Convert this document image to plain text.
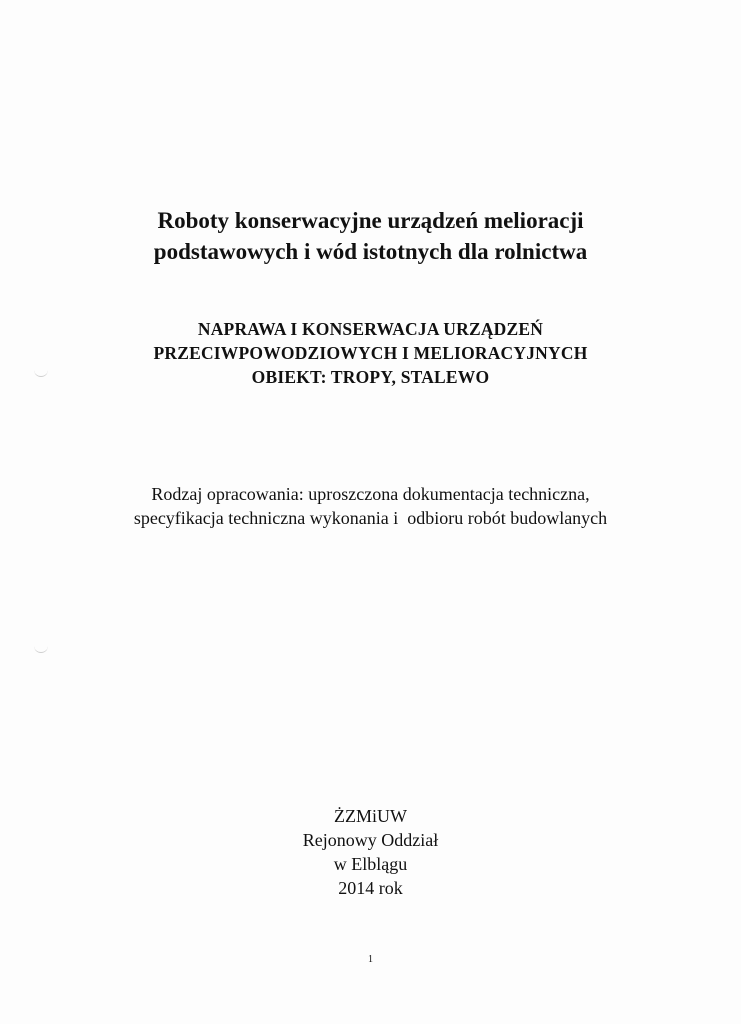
Roboty konserwacyjne urządzeń melioracji
podstawowych i wód istotnych dla rolnictwa
NAPRAWA I KONSERWACJA URZĄDZEŃ
PRZECIWPOWODZIOWYCH I MELIORACYJNYCH
OBIEKT: TROPY, STALEWO
Rodzaj opracowania: uproszczona dokumentacja techniczna,
specyfikacja techniczna wykonania i  odbioru robót budowlanych
ŻZMiUW
Rejonowy Oddział
w Elblągu
2014 rok
1
